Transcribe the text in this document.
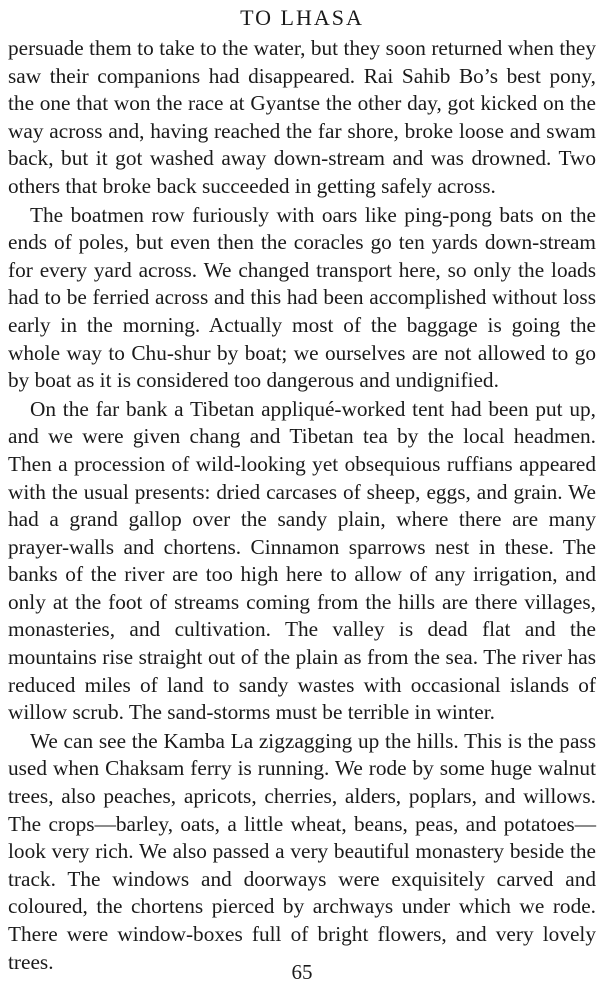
TO LHASA

persuade them to take to the water, but they soon returned when they saw their companions had disappeared. Rai Sahib Bo’s best pony, the one that won the race at Gyantse the other day, got kicked on the way across and, having reached the far shore, broke loose and swam back, but it got washed away down-stream and was drowned. Two others that broke back succeeded in getting safely across.

The boatmen row furiously with oars like ping-pong bats on the ends of poles, but even then the coracles go ten yards down-stream for every yard across. We changed transport here, so only the loads had to be ferried across and this had been accomplished without loss early in the morning. Actually most of the baggage is going the whole way to Chu-shur by boat; we ourselves are not allowed to go by boat as it is considered too dangerous and undignified.

On the far bank a Tibetan appliqué-worked tent had been put up, and we were given chang and Tibetan tea by the local headmen. Then a procession of wild-looking yet obsequious ruffians appeared with the usual presents: dried carcases of sheep, eggs, and grain. We had a grand gallop over the sandy plain, where there are many prayer-walls and chortens. Cinnamon sparrows nest in these. The banks of the river are too high here to allow of any irrigation, and only at the foot of streams coming from the hills are there villages, monasteries, and cultivation. The valley is dead flat and the mountains rise straight out of the plain as from the sea. The river has reduced miles of land to sandy wastes with occasional islands of willow scrub. The sand-storms must be terrible in winter.

We can see the Kamba La zigzagging up the hills. This is the pass used when Chaksam ferry is running. We rode by some huge walnut trees, also peaches, apricots, cherries, alders, poplars, and willows. The crops—barley, oats, a little wheat, beans, peas, and potatoes—look very rich. We also passed a very beautiful monastery beside the track. The windows and doorways were exquisitely carved and coloured, the chortens pierced by archways under which we rode. There were window-boxes full of bright flowers, and very lovely trees.	65
